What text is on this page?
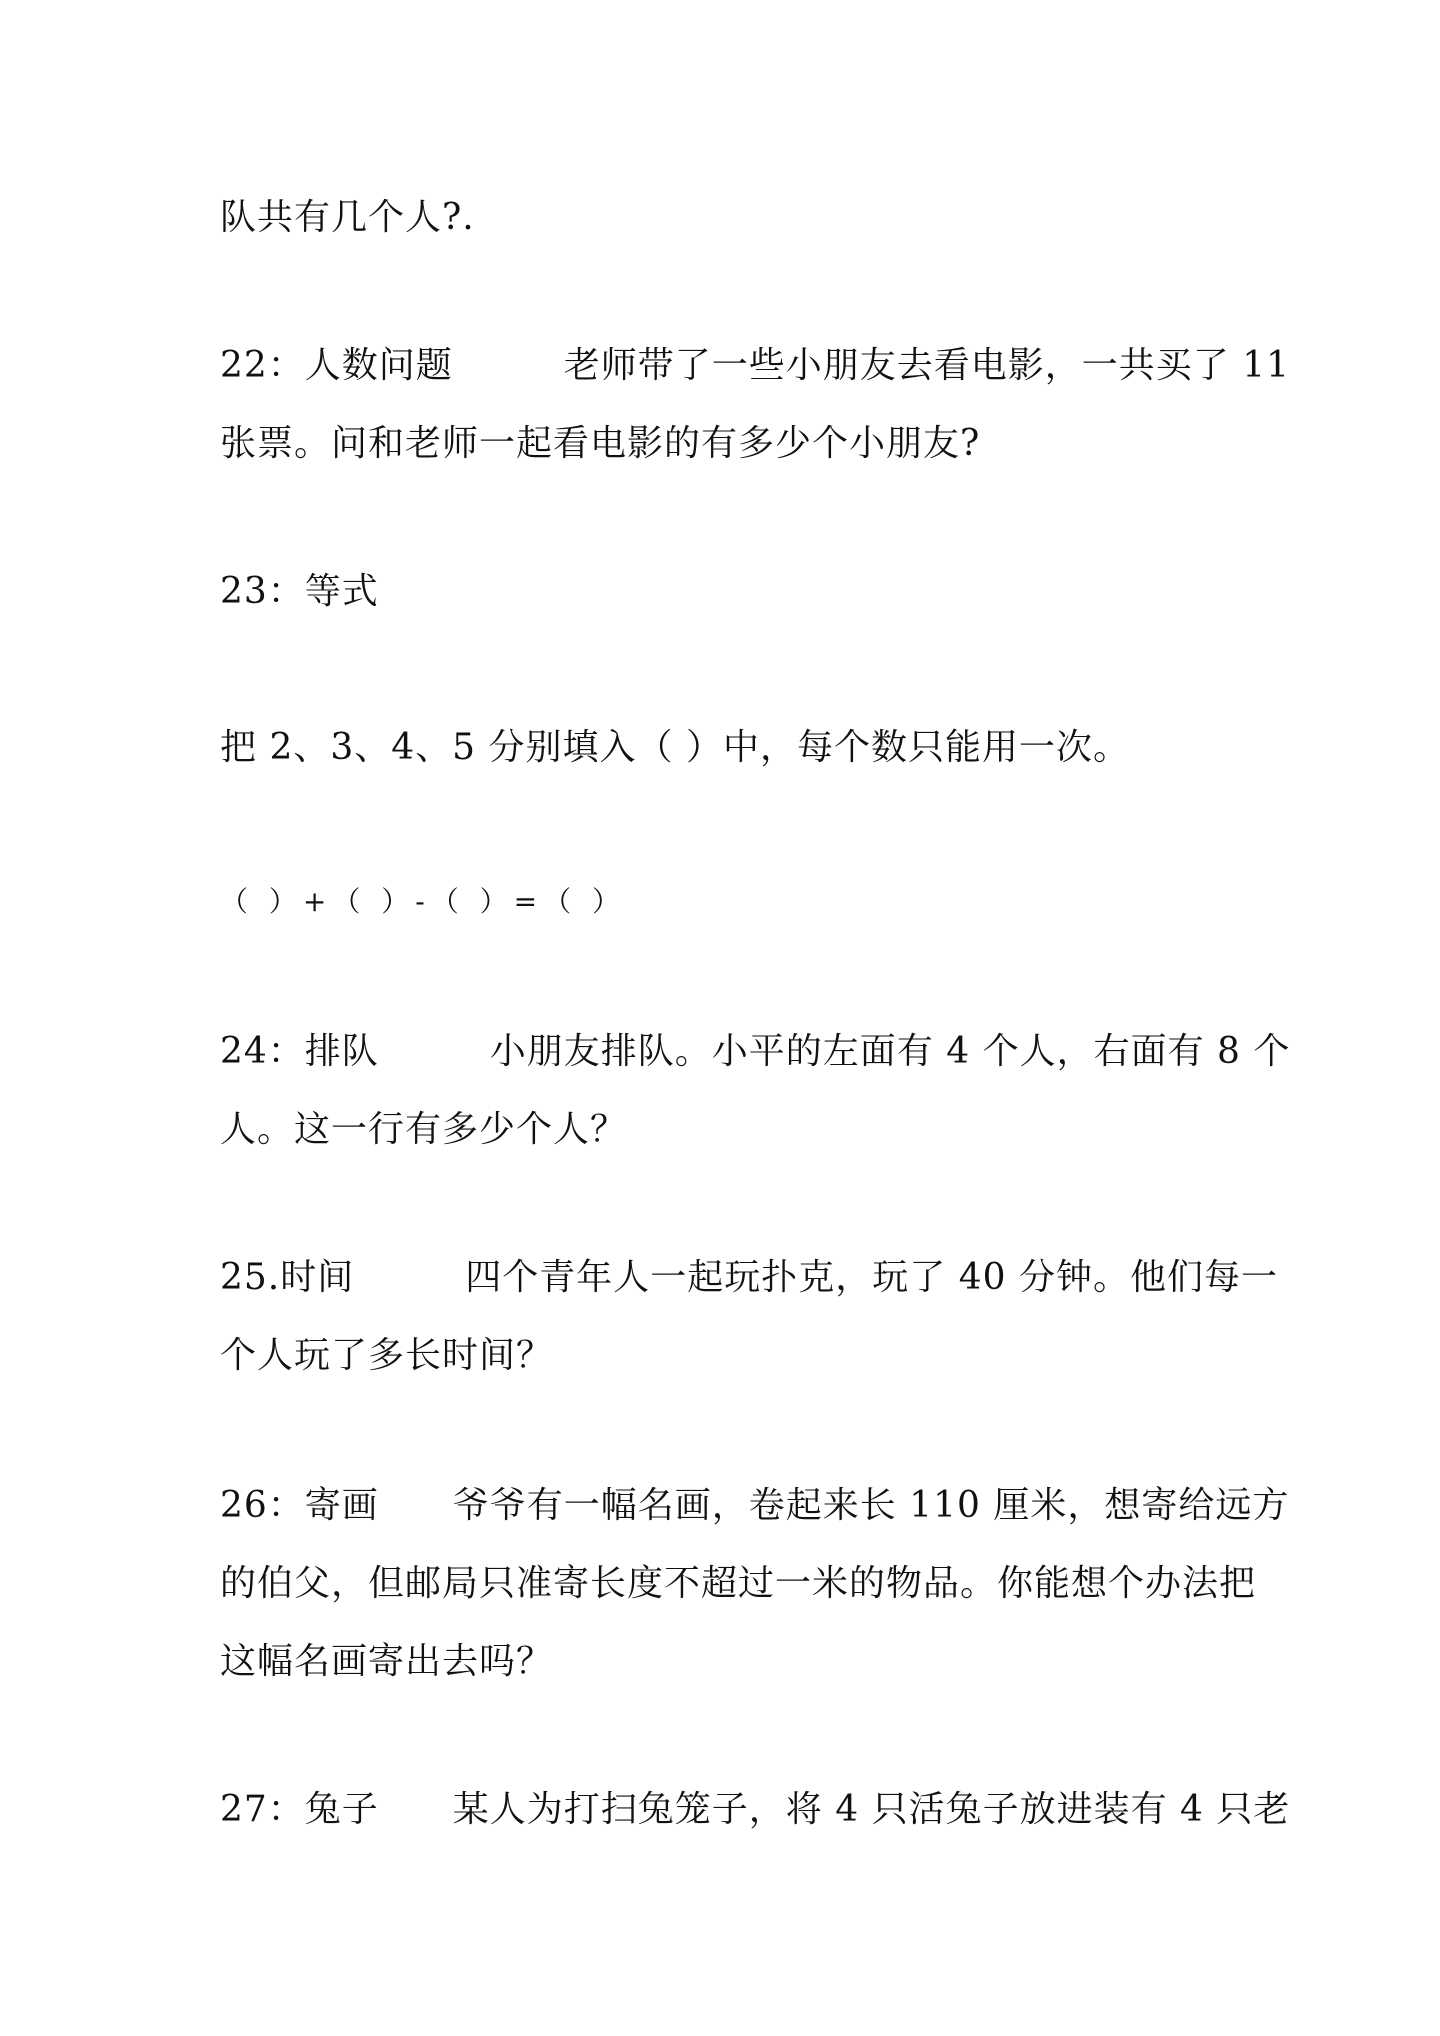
队共有几个人?.
22：人数问题　　　老师带了一些小朋友去看电影，一共买了 11
张票。问和老师一起看电影的有多少个小朋友?
23：等式
把 2、3、4、5 分别填入（ ）中，每个数只能用一次。
（ ）+（ ）-（ ）=（ ）
24：排队　　　小朋友排队。小平的左面有 4 个人，右面有 8 个
人。这一行有多少个人？
25.时间　　　四个青年人一起玩扑克，玩了 40 分钟。他们每一
个人玩了多长时间？
26：寄画　　爷爷有一幅名画，卷起来长 110 厘米，想寄给远方
的伯父，但邮局只准寄长度不超过一米的物品。你能想个办法把
这幅名画寄出去吗？
27：兔子　　某人为打扫兔笼子，将 4 只活兔子放进装有 4 只老
